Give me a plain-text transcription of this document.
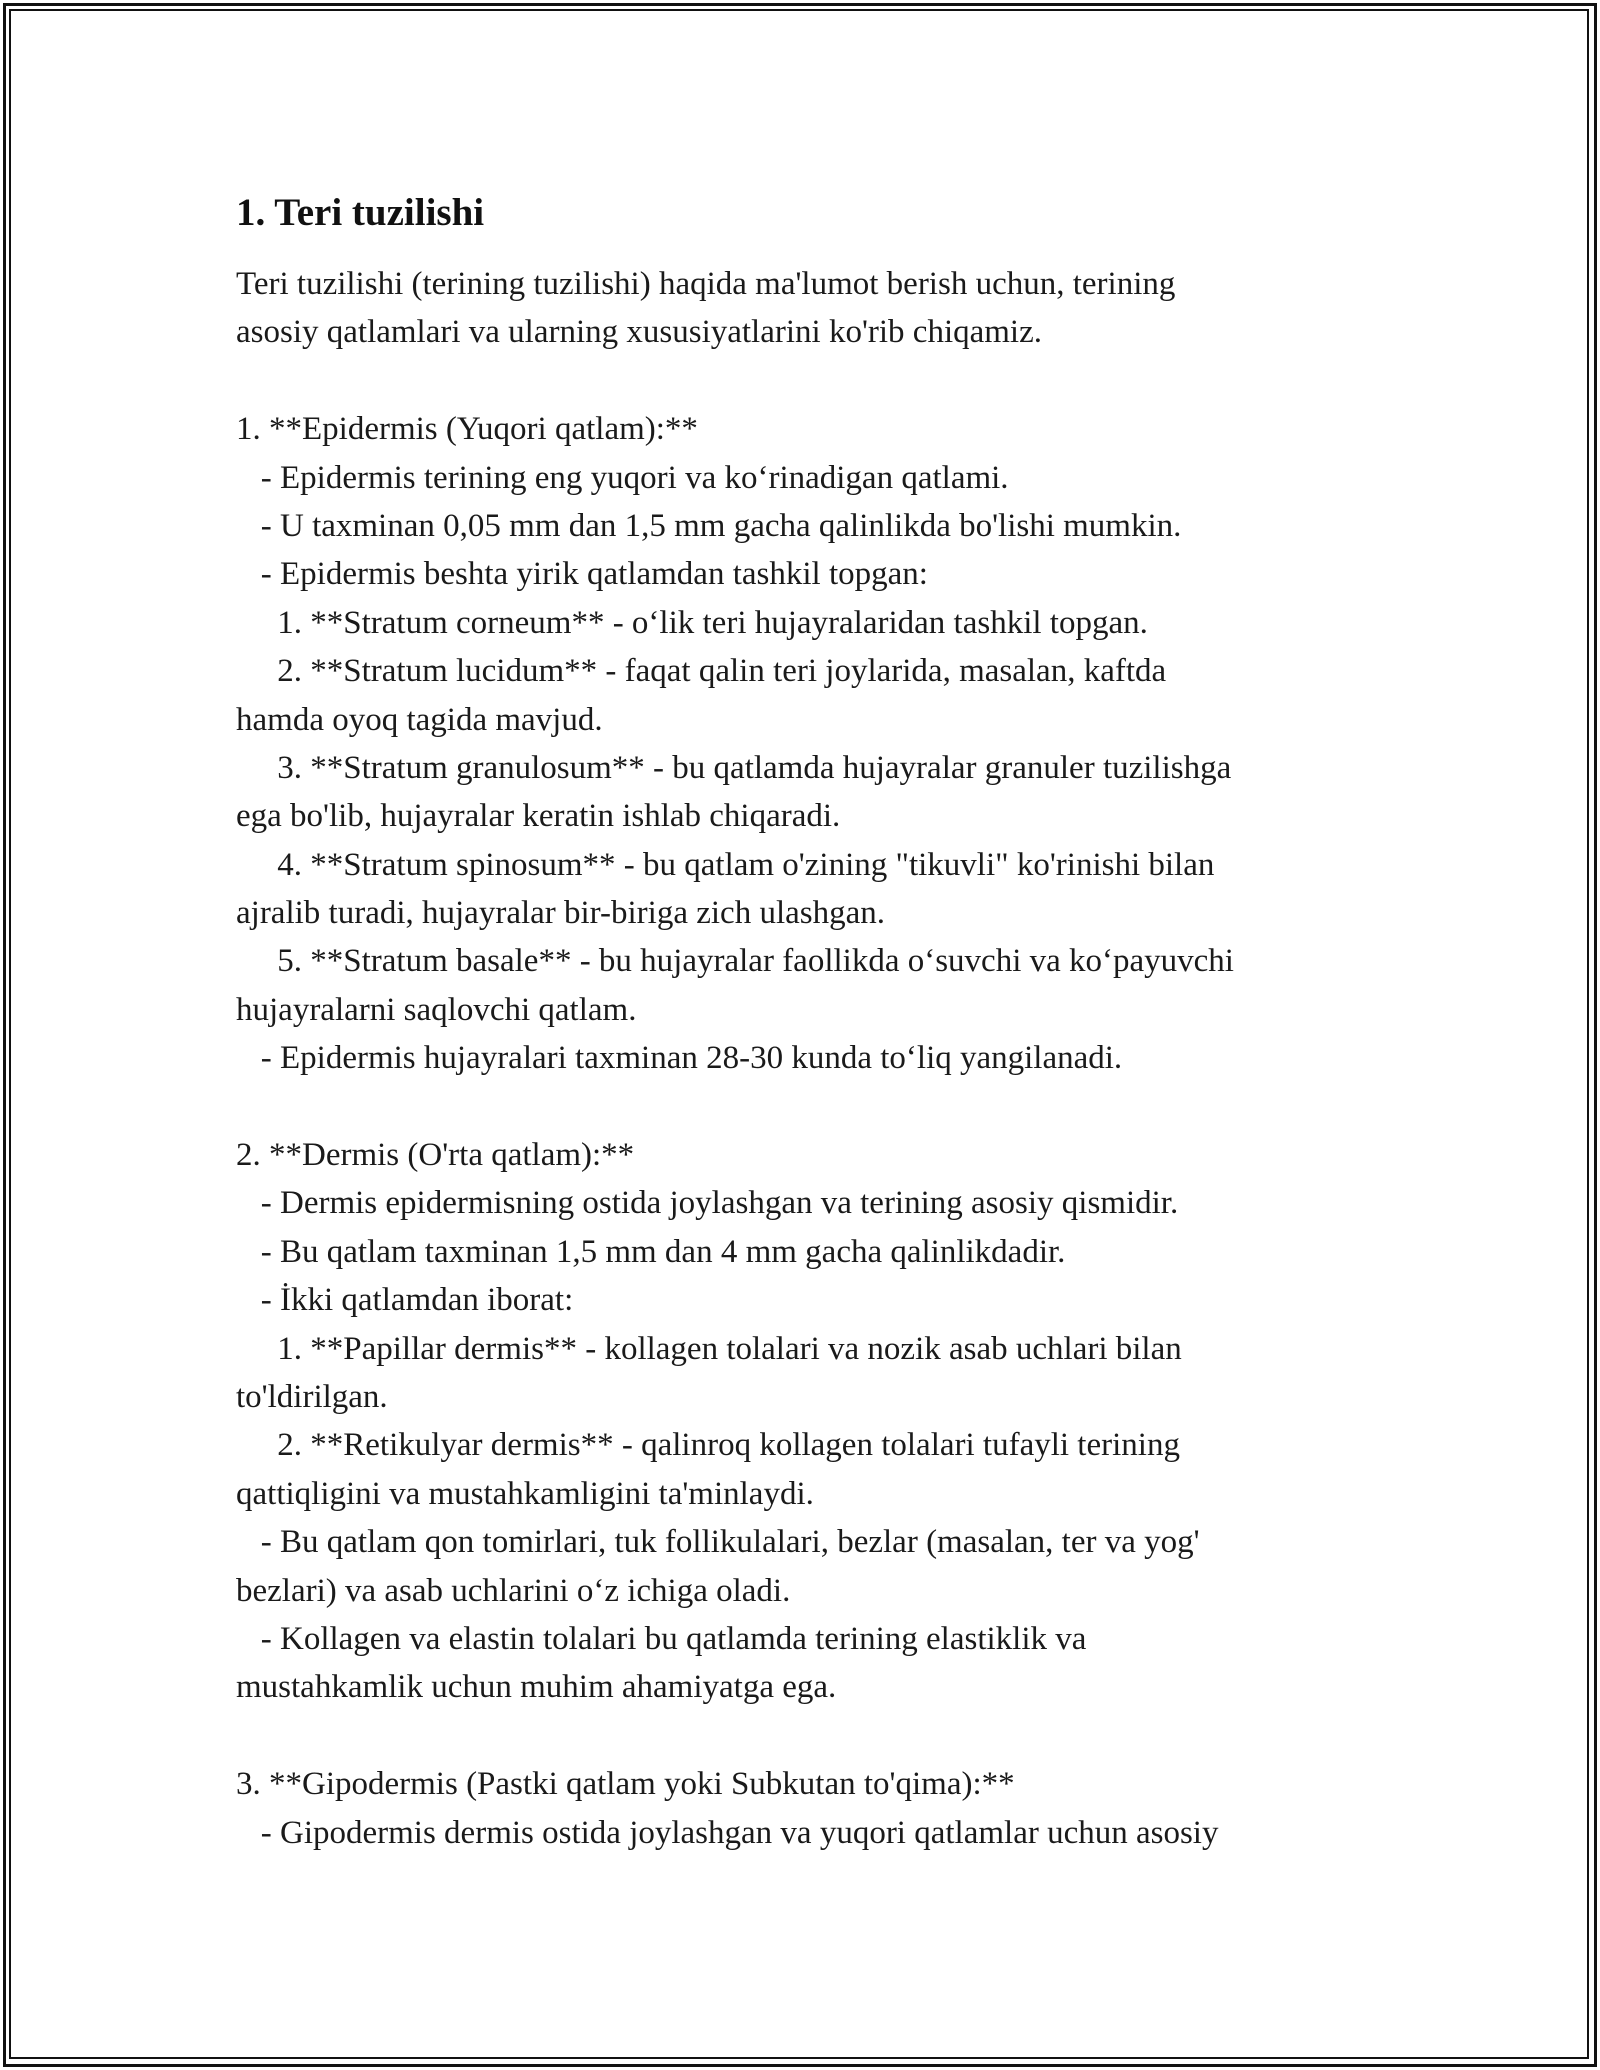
1. Teri tuzilishi
Teri tuzilishi (terining tuzilishi) haqida ma'lumot berish uchun, terining
asosiy qatlamlari va ularning xususiyatlarini ko'rib chiqamiz.
1. **Epidermis (Yuqori qatlam):**
- Epidermis terining eng yuqori va ko‘rinadigan qatlami.
- U taxminan 0,05 mm dan 1,5 mm gacha qalinlikda bo'lishi mumkin.
- Epidermis beshta yirik qatlamdan tashkil topgan:
1. **Stratum corneum** - o‘lik teri hujayralaridan tashkil topgan.
2. **Stratum lucidum** - faqat qalin teri joylarida, masalan, kaftda
hamda oyoq tagida mavjud.
3. **Stratum granulosum** - bu qatlamda hujayralar granuler tuzilishga
ega bo'lib, hujayralar keratin ishlab chiqaradi.
4. **Stratum spinosum** - bu qatlam o'zining "tikuvli" ko'rinishi bilan
ajralib turadi, hujayralar bir-biriga zich ulashgan.
5. **Stratum basale** - bu hujayralar faollikda o‘suvchi va ko‘payuvchi
hujayralarni saqlovchi qatlam.
- Epidermis hujayralari taxminan 28-30 kunda to‘liq yangilanadi.
2. **Dermis (O'rta qatlam):**
- Dermis epidermisning ostida joylashgan va terining asosiy qismidir.
- Bu qatlam taxminan 1,5 mm dan 4 mm gacha qalinlikdadir.
- İkki qatlamdan iborat:
1. **Papillar dermis** - kollagen tolalari va nozik asab uchlari bilan
to'ldirilgan.
2. **Retikulyar dermis** - qalinroq kollagen tolalari tufayli terining
qattiqligini va mustahkamligini ta'minlaydi.
- Bu qatlam qon tomirlari, tuk follikulalari, bezlar (masalan, ter va yog'
bezlari) va asab uchlarini o‘z ichiga oladi.
- Kollagen va elastin tolalari bu qatlamda terining elastiklik va
mustahkamlik uchun muhim ahamiyatga ega.
3. **Gipodermis (Pastki qatlam yoki Subkutan to'qima):**
- Gipodermis dermis ostida joylashgan va yuqori qatlamlar uchun asosiy
